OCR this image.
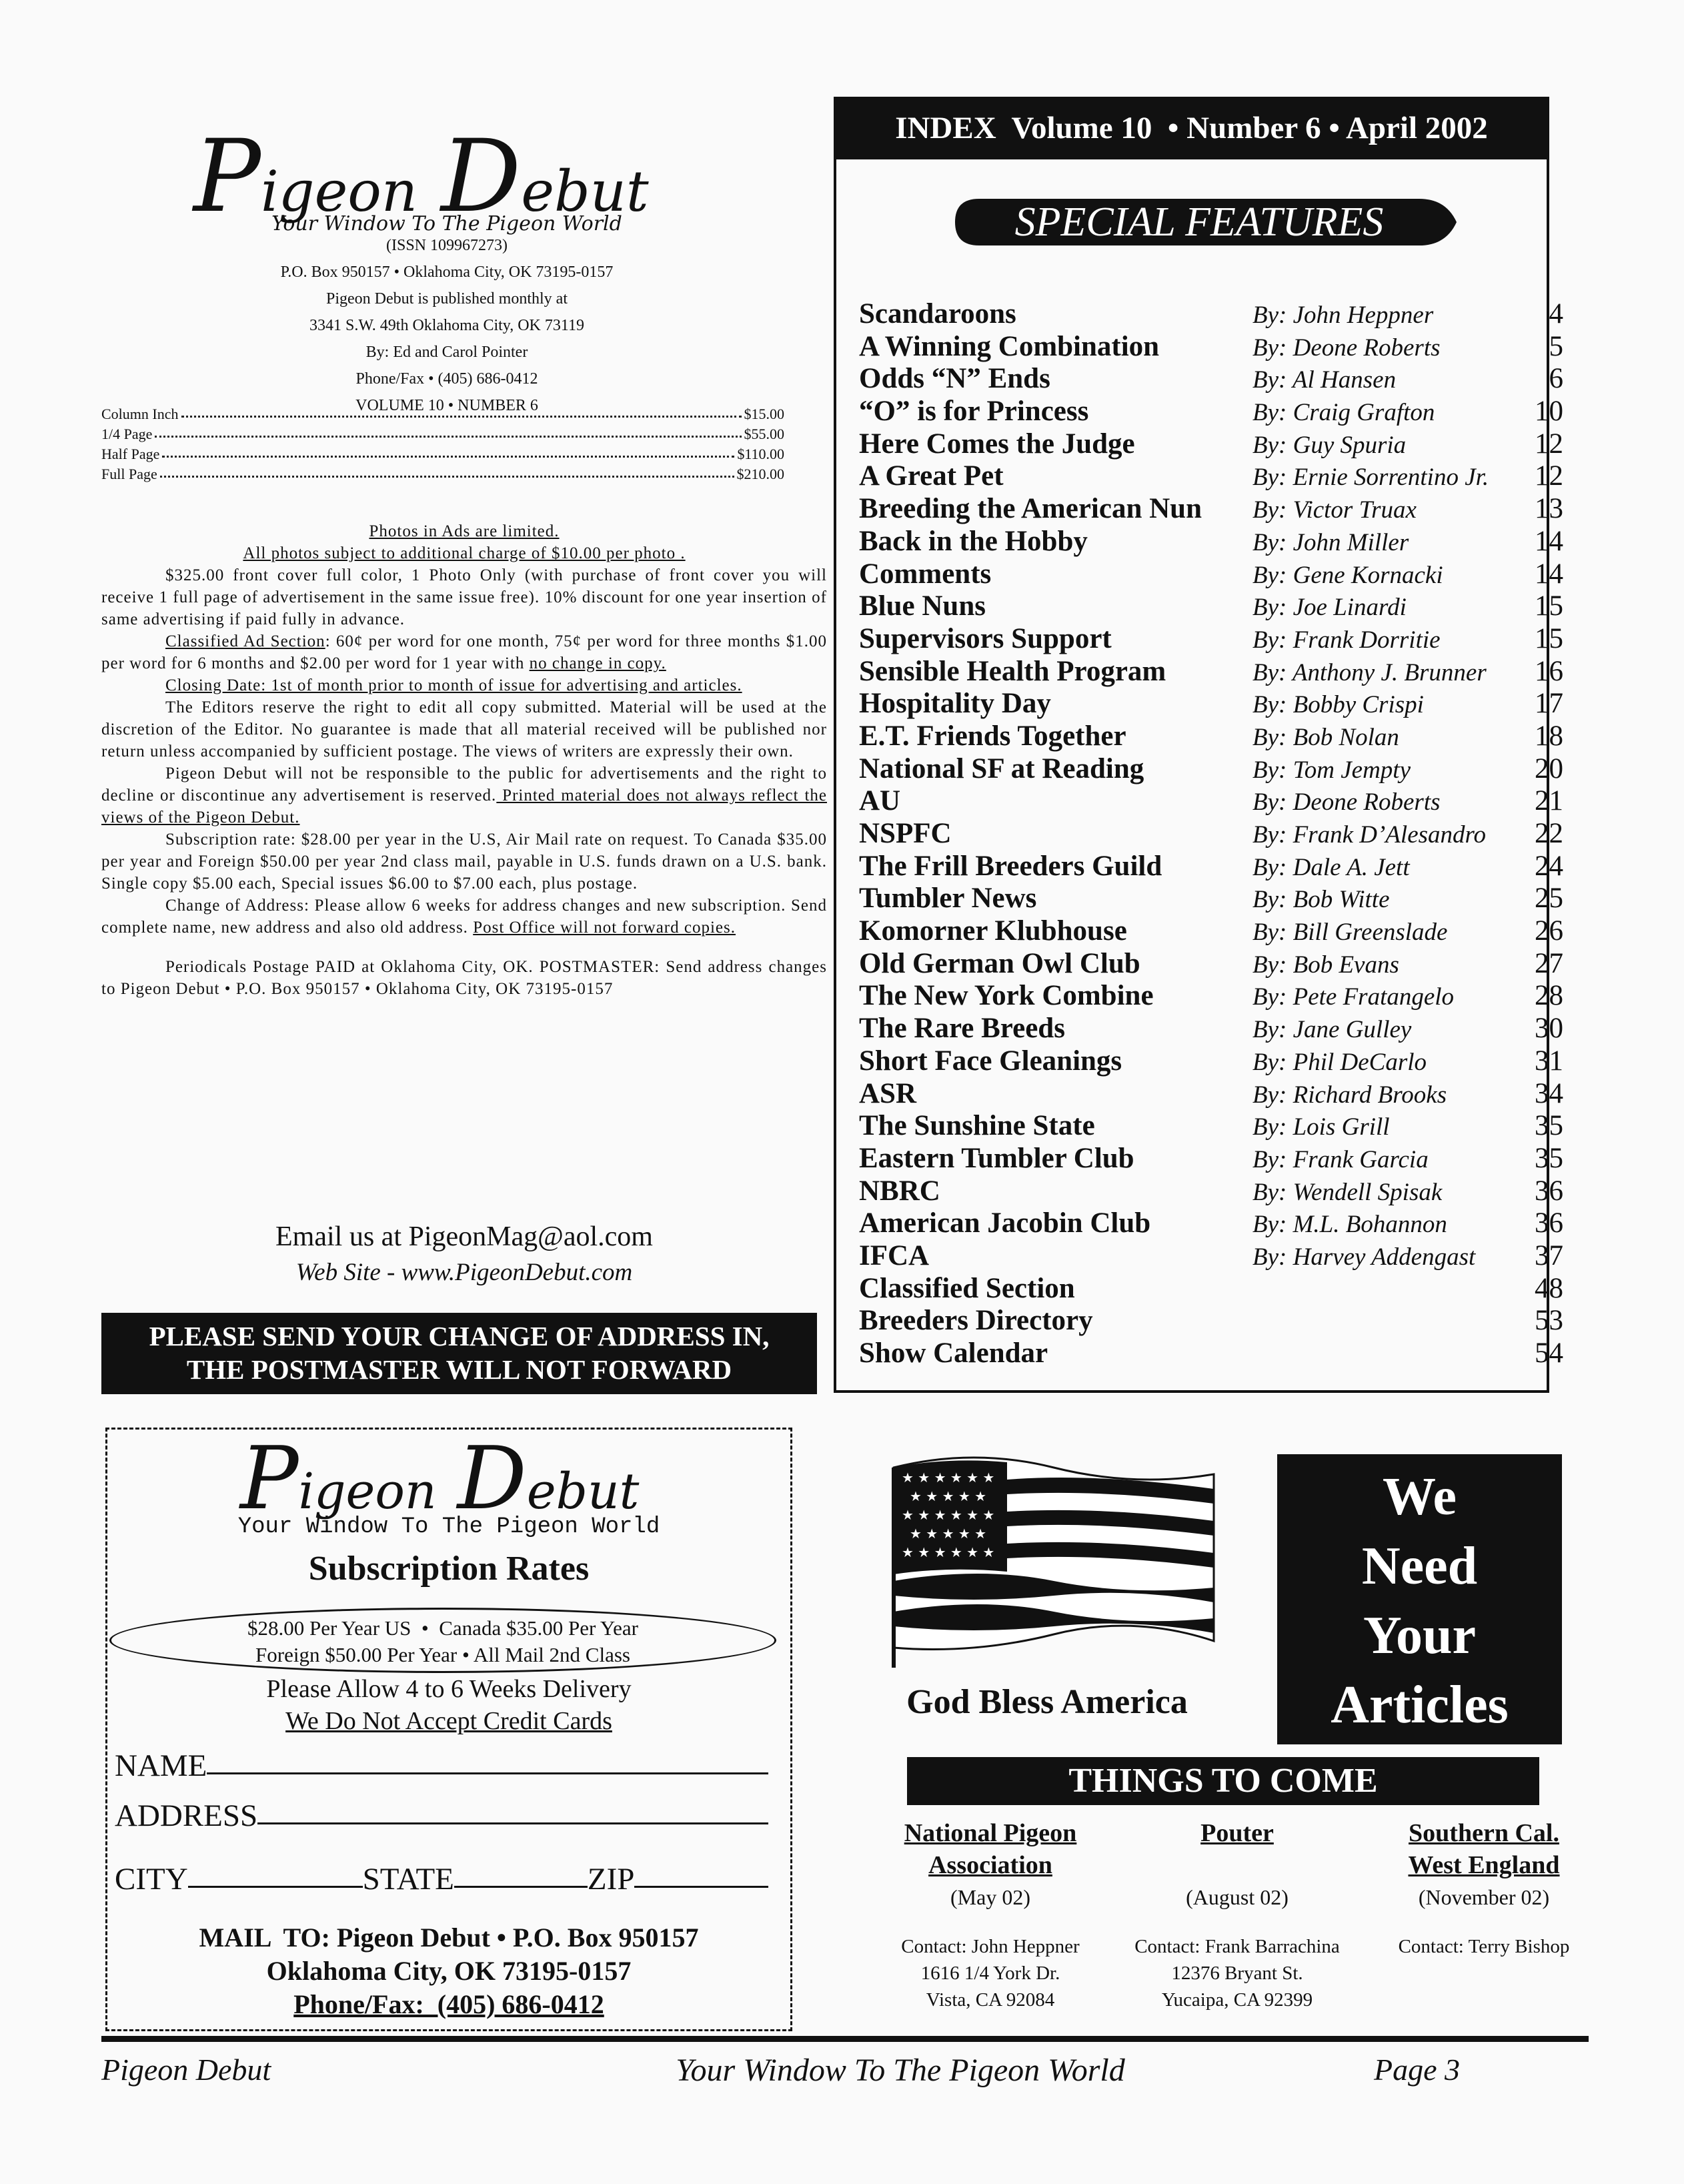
Pigeon Debut
Your Window To The Pigeon World
(ISSN 109967273)
P.O. Box 950157 • Oklahoma City, OK 73195-0157
Pigeon Debut is published monthly at
3341 S.W. 49th Oklahoma City, OK 73119
By: Ed and Carol Pointer
Phone/Fax • (405) 686-0412
VOLUME 10 • NUMBER 6
Column Inch	$15.00
1/4 Page	$55.00
Half Page	$110.00
Full Page	$210.00
Photos in Ads are limited.
All photos subject to additional charge of $10.00 per photo .

$325.00 front cover full color, 1 Photo Only (with purchase of front cover you will receive 1 full page of advertisement in the same issue free). 10% discount for one year insertion of same advertising if paid fully in advance.

Classified Ad Section: 60¢ per word for one month, 75¢ per word for three months $1.00 per word for 6 months and $2.00 per word for 1 year with no change in copy.

Closing Date: 1st of month prior to month of issue for advertising and articles.

The Editors reserve the right to edit all copy submitted. Material will be used at the discretion of the Editor. No guarantee is made that all material received will be published nor return unless accompanied by sufficient postage. The views of writers are expressly their own.

Pigeon Debut will not be responsible to the public for advertisements and the right to decline or discontinue any advertisement is reserved. Printed material does not always reflect the views of the Pigeon Debut.

Subscription rate: $28.00 per year in the U.S, Air Mail rate on request. To Canada $35.00 per year and Foreign $50.00 per year 2nd class mail, payable in U.S. funds drawn on a U.S. bank. Single copy $5.00 each, Special issues $6.00 to $7.00 each, plus postage.

Change of Address: Please allow 6 weeks for address changes and new subscription. Send complete name, new address and also old address. Post Office will not forward copies.

Periodicals Postage PAID at Oklahoma City, OK. POSTMASTER: Send address changes to Pigeon Debut • P.O. Box 950157 • Oklahoma City, OK 73195-0157

Email us at PigeonMag@aol.com
Web Site - www.PigeonDebut.com
PLEASE SEND YOUR CHANGE OF ADDRESS IN,
THE POSTMASTER WILL NOT FORWARD
INDEX  Volume 10  • Number 6 • April 2002
SPECIAL FEATURES
Scandaroons	By: John Heppner	4
A Winning Combination	By: Deone Roberts	5
Odds “N” Ends	By: Al Hansen	6
“O” is for Princess	By: Craig Grafton	10
Here Comes the Judge	By: Guy Spuria	12
A Great Pet	By: Ernie Sorrentino Jr.	12
Breeding the American Nun	By: Victor Truax	13
Back in the Hobby	By: John Miller	14
Comments	By: Gene Kornacki	14
Blue Nuns	By: Joe Linardi	15
Supervisors Support	By: Frank Dorritie	15
Sensible Health Program	By: Anthony J. Brunner	16
Hospitality Day	By: Bobby Crispi	17
E.T. Friends Together	By: Bob Nolan	18
National SF at Reading	By: Tom Jempty	20
AU	By: Deone Roberts	21
NSPFC	By: Frank D’Alesandro	22
The Frill Breeders Guild	By: Dale A. Jett	24
Tumbler News	By: Bob Witte	25
Komorner Klubhouse	By: Bill Greenslade	26
Old German Owl Club	By: Bob Evans	27
The New York Combine	By: Pete Fratangelo	28
The Rare Breeds	By: Jane Gulley	30
Short Face Gleanings	By: Phil DeCarlo	31
ASR	By: Richard Brooks	34
The Sunshine State	By: Lois Grill	35
Eastern Tumbler Club	By: Frank Garcia	35
NBRC	By: Wendell Spisak	36
American Jacobin Club	By: M.L. Bohannon	36
IFCA	By: Harvey Addengast	37
Classified Section	48
Breeders Directory	53
Show Calendar	54
Pigeon Debut
Your Window To The Pigeon World
Subscription Rates
$28.00 Per Year US  •  Canada $35.00 Per Year
Foreign $50.00 Per Year • All Mail 2nd Class
Please Allow 4 to 6 Weeks Delivery
We Do Not Accept Credit Cards
NAME
ADDRESS
CITY	STATE	ZIP
MAIL  TO: Pigeon Debut • P.O. Box 950157
Oklahoma City, OK 73195-0157
Phone/Fax:  (405) 686-0412
★ ★ ★ ★ ★ ★
★ ★ ★ ★ ★
★ ★ ★ ★ ★ ★
★ ★ ★ ★ ★
★ ★ ★ ★ ★ ★
God Bless America
We
Need
Your
Articles
THINGS TO COME
National Pigeon
Association
(May 02)
Contact: John Heppner
1616 1/4 York Dr.
Vista, CA 92084
Pouter
(August 02)
Contact: Frank Barrachina
12376 Bryant St.
Yucaipa, CA 92399
Southern Cal.
West England
(November 02)
Contact: Terry Bishop
Pigeon Debut	Your Window To The Pigeon World	Page 3
